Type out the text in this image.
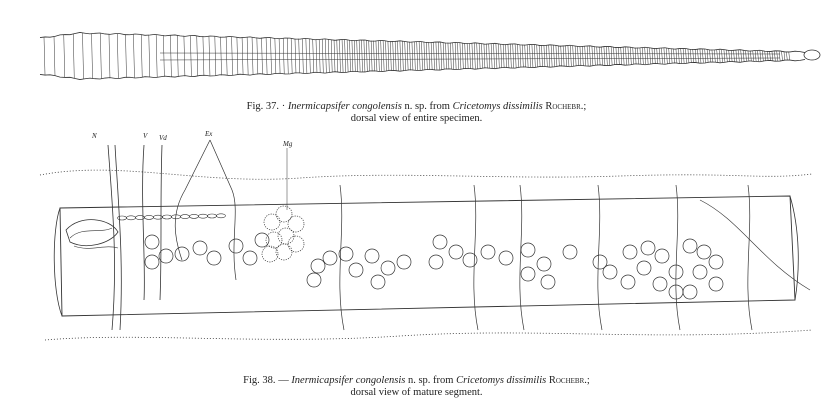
N	V Vd	Ex
Mg
Fig. 37. · Inermicapsifer congolensis n. sp. from Cricetomys dissimilis Rochebr.;
dorsal view of entire specimen.
Fig. 38. — Inermicapsifer congolensis n. sp. from Cricetomys dissimilis Rochebr.;
dorsal view of mature segment.
